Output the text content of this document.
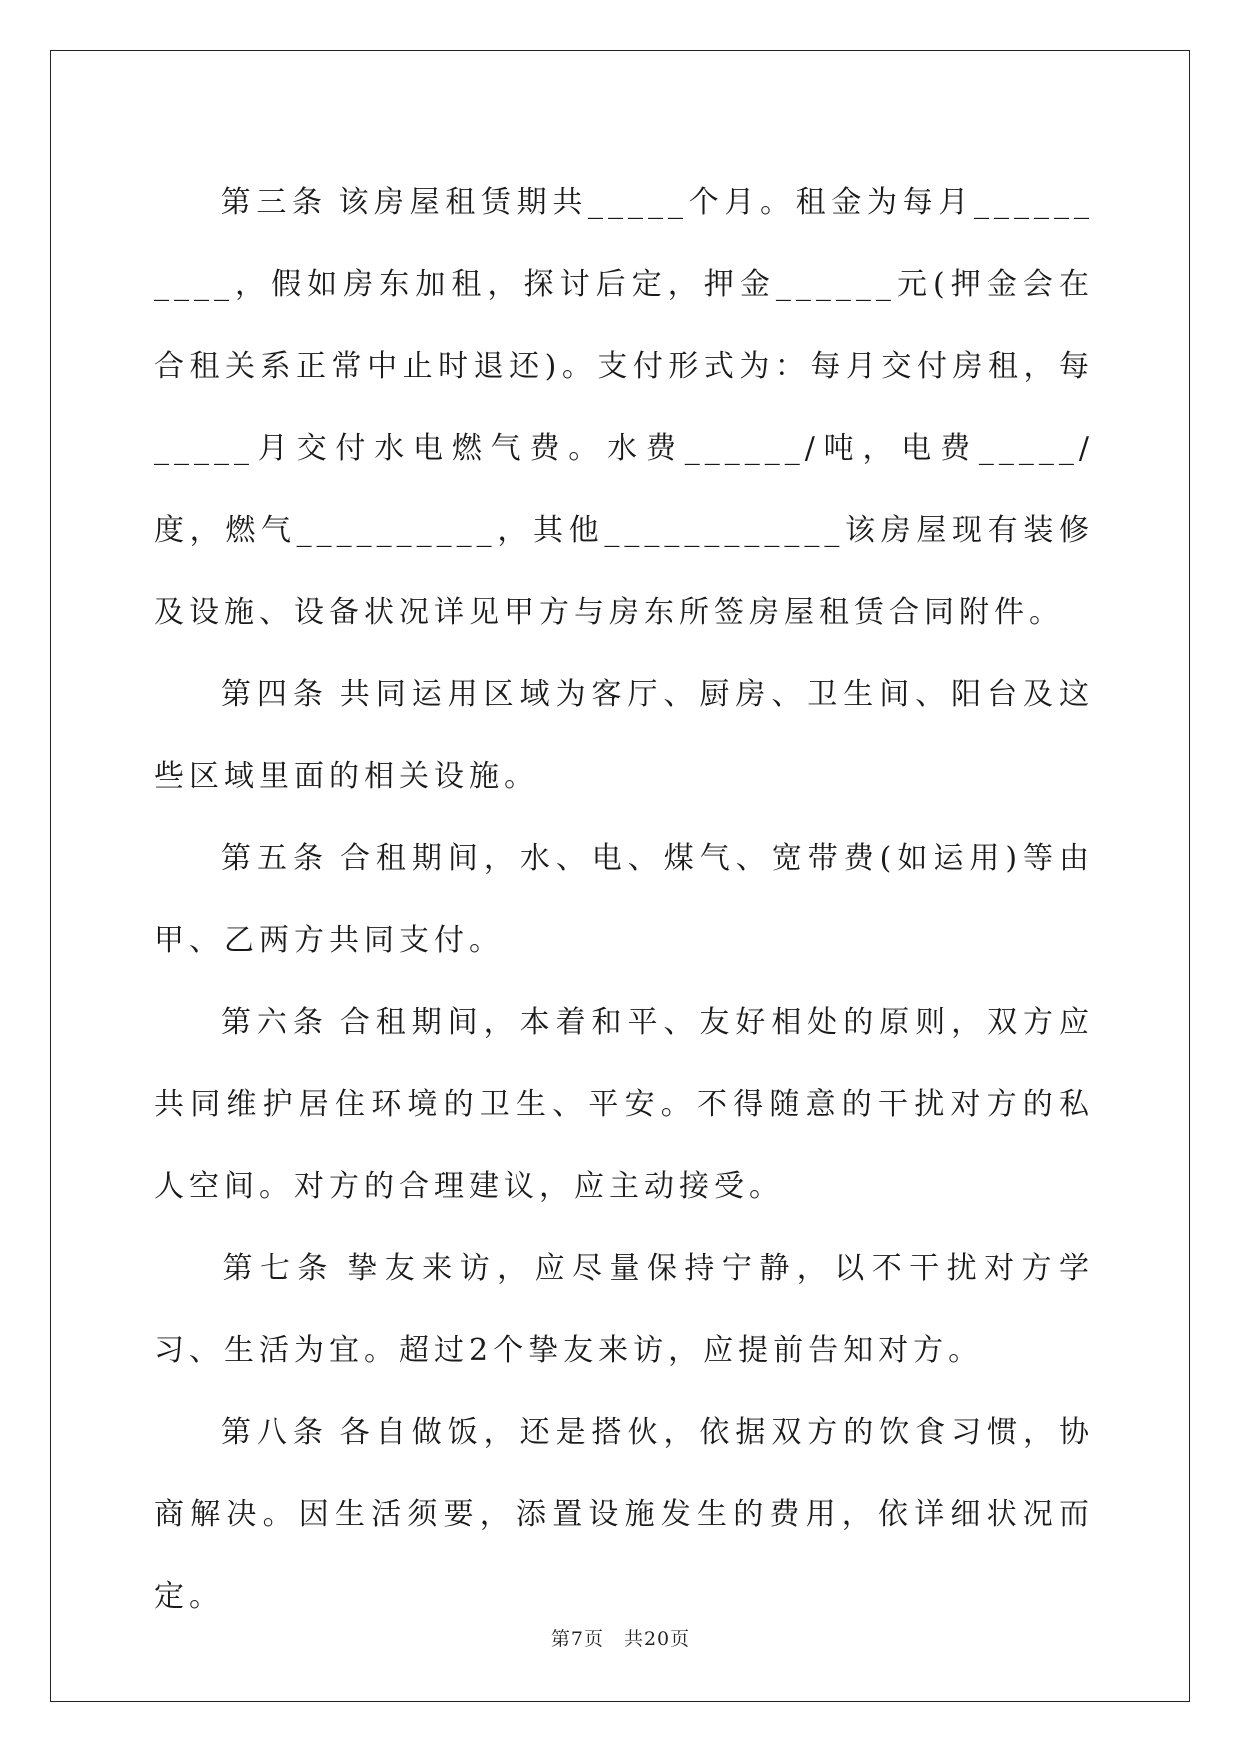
第三条 该房屋租赁期共_____个月。租金为每月__________，假如房东加租，探讨后定，押金______元(押金会在合租关系正常中止时退还)。支付形式为：每月交付房租，每_____月交付水电燃气费。水费______/吨，电费_____/度，燃气__________，其他____________该房屋现有装修及设施、设备状况详见甲方与房东所签房屋租赁合同附件。

第四条 共同运用区域为客厅、厨房、卫生间、阳台及这些区域里面的相关设施。

第五条 合租期间，水、电、煤气、宽带费(如运用)等由甲、乙两方共同支付。

第六条 合租期间，本着和平、友好相处的原则，双方应共同维护居住环境的卫生、平安。不得随意的干扰对方的私人空间。对方的合理建议，应主动接受。

第七条 挚友来访，应尽量保持宁静，以不干扰对方学习、生活为宜。超过2个挚友来访，应提前告知对方。

第八条 各自做饭，还是搭伙，依据双方的饮食习惯，协商解决。因生活须要，添置设施发生的费用，依详细状况而定。

第7页 共20页
